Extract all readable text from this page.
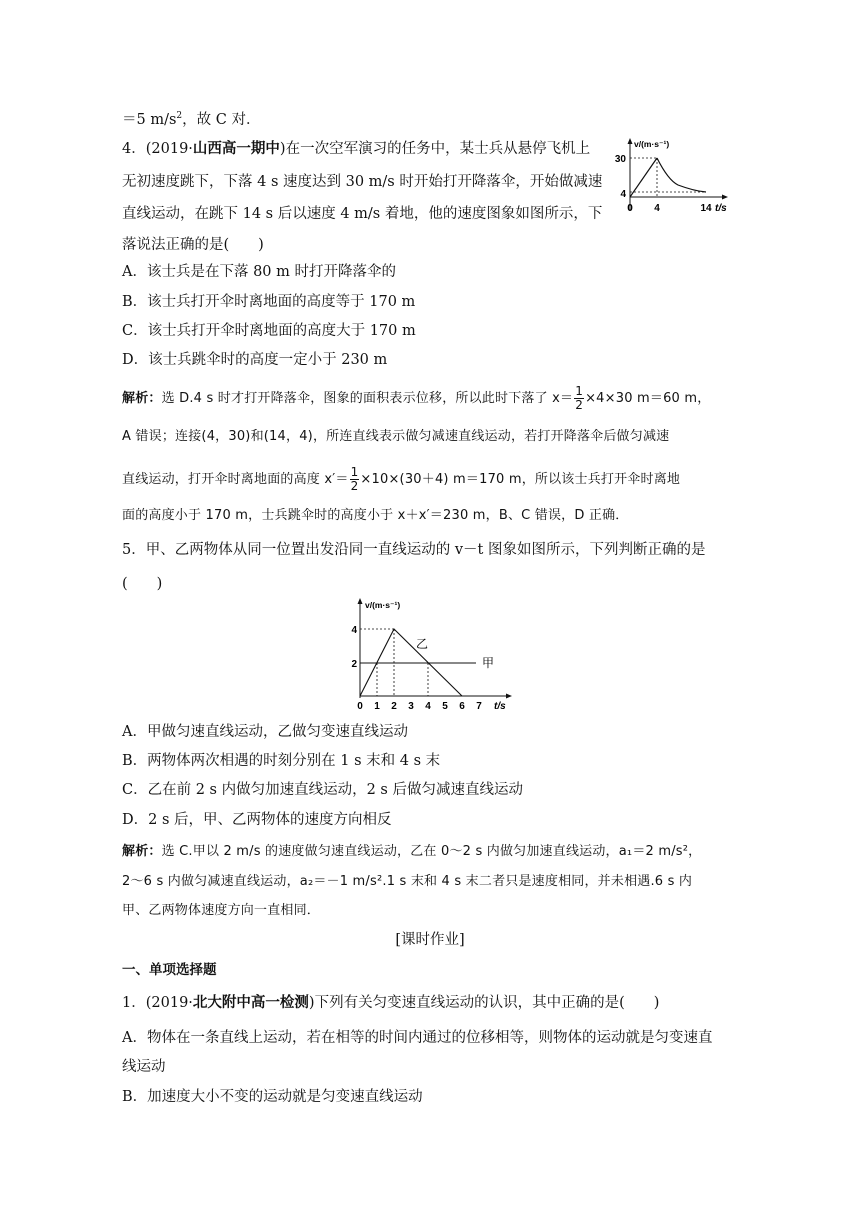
＝5 $m/s^2$，故 C 对．
4．(2019·山西高一期中)在一次空军演习的任务中，某士兵从悬停飞机上
无初速度跳下，下落 4 s 速度达到 30 m/s 时开始打开降落伞，开始做减速
直线运动，在跳下 14 s 后以速度 4 m/s 着地，他的速度图象如图所示，下
落说法正确的是(　　)
v/(m·s⁻¹)
30
4
0 4	14 t/s
A．该士兵是在下落 80 m 时打开降落伞的
B．该士兵打开伞时离地面的高度等于 170 m
C．该士兵打开伞时离地面的高度大于 170 m
D．该士兵跳伞时的高度一定小于 230 m
解析：选 D.4 s 时才打开降落伞，图象的面积表示位移，所以此时下落了 $x= \frac{1}{2} \times 4\times 30$ m＝60 m，
A 错误；连接(4，30)和(14，4)，所连直线表示做匀减速直线运动，若打开降落伞后做匀减速
直线运动，打开伞时离地面的高度 $x'= \frac{1}{2} \times 10\times(30+4)$ m＝170 m，所以该士兵打开伞时离地
面的高度小于 170 m，士兵跳伞时的高度小于 x＋x′＝230 m，B、C 错误，D 正确．
5．甲、乙两物体从同一位置出发沿同一直线运动的 v－t 图象如图所示，下列判断正确的是
(　　)
v/(m·s⁻¹)
4
2
乙
甲
0 1 2 3 4 5 6 7 t/s
A．甲做匀速直线运动，乙做匀变速直线运动
B．两物体两次相遇的时刻分别在 1 s 末和 4 s 末
C．乙在前 2 s 内做匀加速直线运动，2 s 后做匀减速直线运动
D．2 s 后，甲、乙两物体的速度方向相反
解析：选 C.甲以 2 m/s 的速度做匀速直线运动，乙在 0～2 s 内做匀加速直线运动，a₁＝2 m/s²，
2～6 s 内做匀减速直线运动，a₂＝－1 m/s².1 s 末和 4 s 末二者只是速度相同，并未相遇.6 s 内
甲、乙两物体速度方向一直相同．
[课时作业]
一、单项选择题
1．(2019·北大附中高一检测)下列有关匀变速直线运动的认识，其中正确的是(　　)
A．物体在一条直线上运动，若在相等的时间内通过的位移相等，则物体的运动就是匀变速直
线运动
B．加速度大小不变的运动就是匀变速直线运动
